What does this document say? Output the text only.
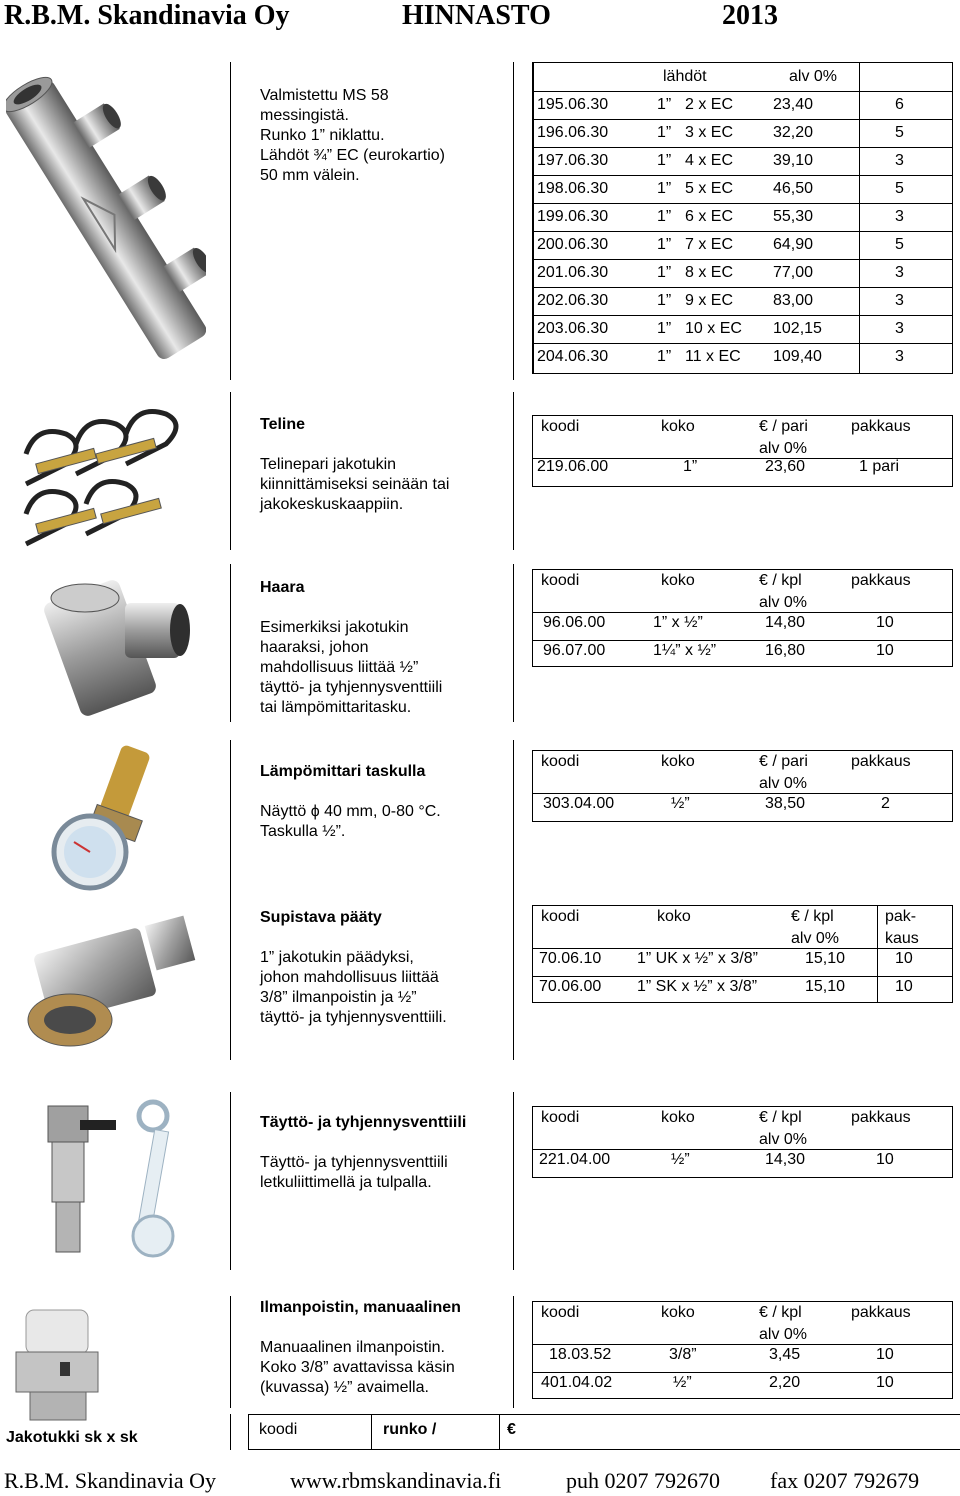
R.B.M. Skandinavia Oy	HINNASTO	2013
Valmistettu MS 58
messingistä.
Runko 1” niklattu.
Lähdöt ¾” EC (eurokartio)
50 mm välein.
lähdöt	alv 0%
195.06.30	1” 2 x EC 23,40	6
196.06.30	1” 3 x EC 32,20	5
197.06.30	1” 4 x EC 39,10	3
198.06.30	1” 5 x EC 46,50	5
199.06.30	1” 6 x EC 55,30	3
200.06.30	1” 7 x EC 64,90	5
201.06.30	1” 8 x EC 77,00	3
202.06.30	1” 9 x EC 83,00	3
203.06.30	1” 10 x EC 102,15	3
204.06.30	1” 11 x EC 109,40	3
Teline
Telinepari jakotukin
kiinnittämiseksi seinään tai
jakokeskuskaappiin.
koodi	koko	€ / pari	pakkaus
alv 0%
219.06.00	1”	23,60	1 pari
Haara
Esimerkiksi jakotukin
haaraksi, johon
mahdollisuus liittää ½”
täyttö- ja tyhjennysventtiili
tai lämpömittaritasku.
koodi	koko	€ / kpl	pakkaus
alv 0%
96.06.00	1” x ½”	14,80	10
96.07.00	1¼” x ½”	16,80	10
Lämpömittari taskulla
Näyttö ϕ 40 mm, 0-80 °C.
Taskulla ½”.
koodi	koko	€ / pari	pakkaus
alv 0%
303.04.00	½”	38,50	2
Supistava pääty
1” jakotukin päädyksi,
johon mahdollisuus liittää
3/8” ilmanpoistin ja ½”
täyttö- ja tyhjennysventtiili.
koodi	koko	€ / kpl	pak-
alv 0%	kaus
70.06.10 1” UK x ½” x 3/8”	15,10	10
70.06.00 1” SK x ½” x 3/8”	15,10	10
Täyttö- ja tyhjennysventtiili
Täyttö- ja tyhjennysventtiili
letkuliittimellä ja tulpalla.
koodi	koko	€ / kpl	pakkaus
alv 0%
221.04.00	½”	14,30	10
Ilmanpoistin, manuaalinen
Manuaalinen ilmanpoistin.
Koko 3/8” avattavissa käsin
(kuvassa) ½” avaimella.
koodi	koko	€ / kpl	pakkaus
alv 0%
18.03.52	3/8”	3,45	10
401.04.02	½”	2,20	10
Jakotukki sk x sk	koodi	runko /	€
R.B.M. Skandinavia Oy	www.rbmskandinavia.fi	puh 0207 792670 fax 0207 792679
